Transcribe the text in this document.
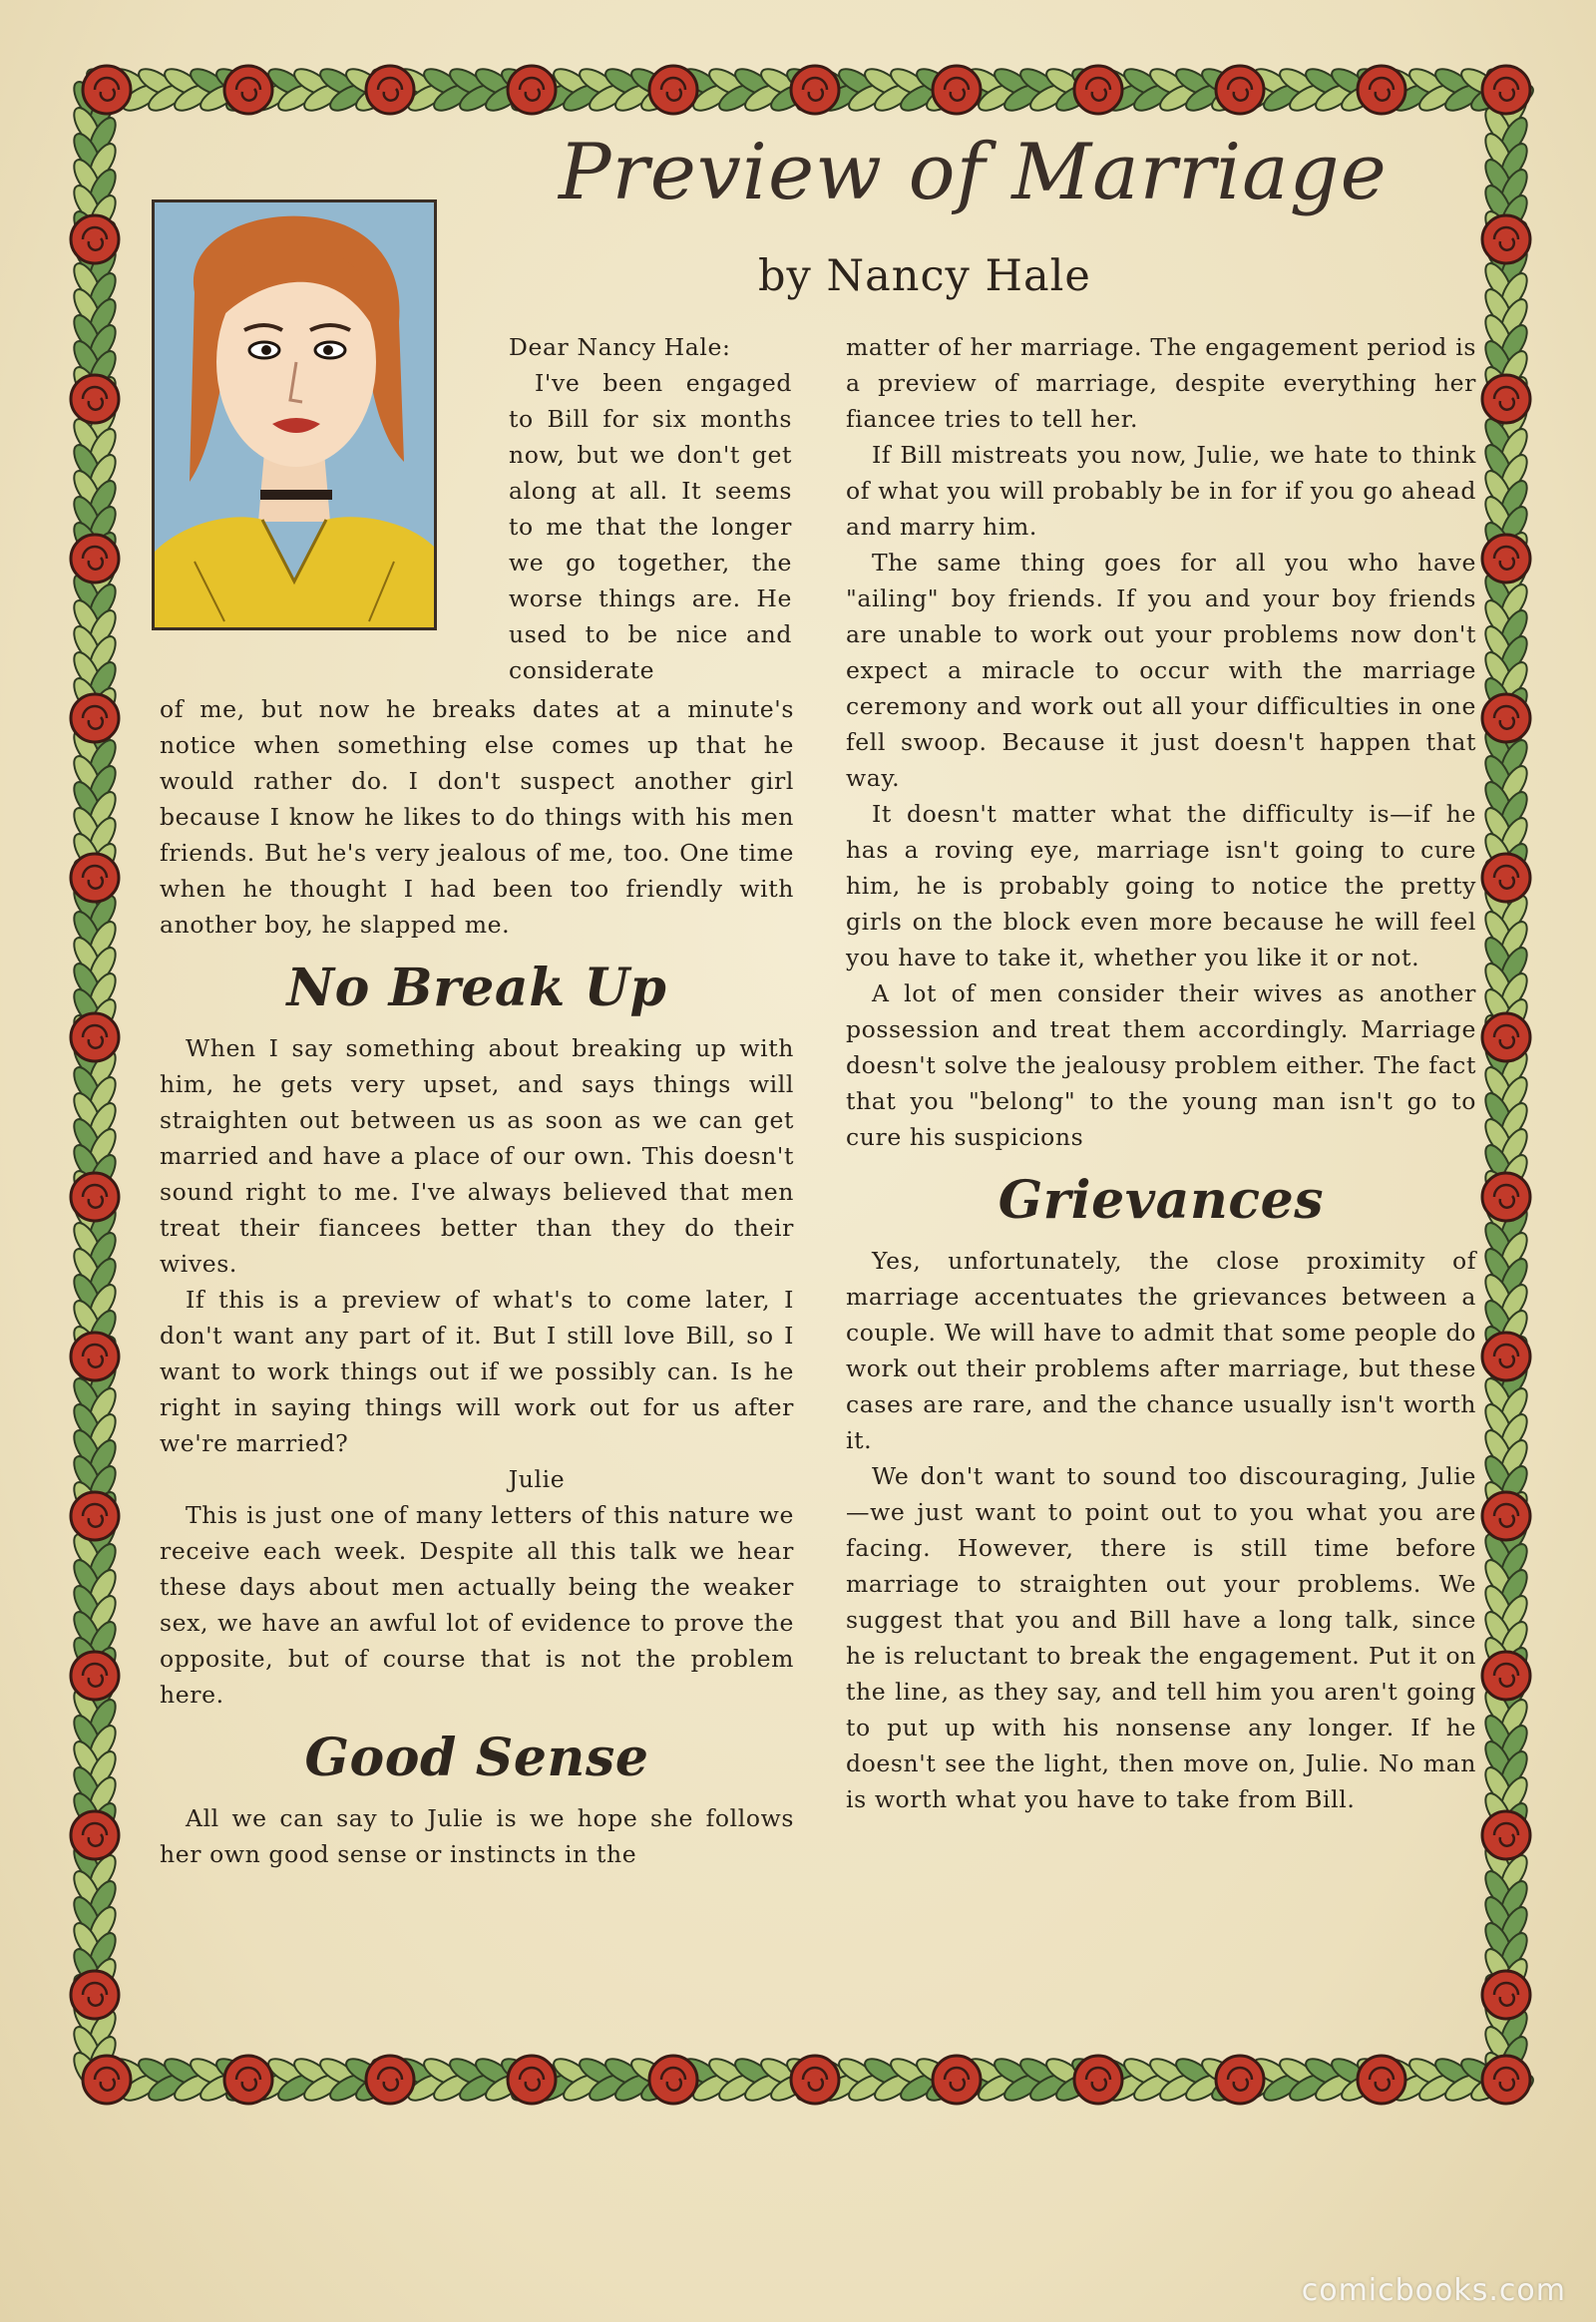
Preview of Marriage
by Nancy Hale

Dear Nancy Hale:

I've been engaged to Bill for six months now, but we don't get along at all. It seems to me that the longer we go together, the worse things are. He used to be nice and considerate

of me, but now he breaks dates at a minute's notice when something else comes up that he would rather do. I don't suspect another girl because I know he likes to do things with his men friends. But he's very jealous of me, too. One time when he thought I had been too friendly with another boy, he slapped me.

No Break Up

When I say something about breaking up with him, he gets very upset, and says things will straighten out between us as soon as we can get married and have a place of our own. This doesn't sound right to me. I've always believed that men treat their fiancees better than they do their wives.

If this is a preview of what's to come later, I don't want any part of it. But I still love Bill, so I want to work things out if we possibly can. Is he right in saying things will work out for us after we're married?

Julie

This is just one of many letters of this nature we receive each week. Despite all this talk we hear these days about men actually being the weaker sex, we have an awful lot of evidence to prove the opposite, but of course that is not the problem here.

Good Sense

All we can say to Julie is we hope she follows her own good sense or instincts in the

matter of her marriage. The engagement period is a preview of marriage, despite everything her fiancee tries to tell her.

If Bill mistreats you now, Julie, we hate to think of what you will probably be in for if you go ahead and marry him.

The same thing goes for all you who have "ailing" boy friends. If you and your boy friends are unable to work out your problems now don't expect a miracle to occur with the marriage ceremony and work out all your difficulties in one fell swoop. Because it just doesn't happen that way.

It doesn't matter what the difficulty is—if he has a roving eye, marriage isn't going to cure him, he is probably going to notice the pretty girls on the block even more because he will feel you have to take it, whether you like it or not.

A lot of men consider their wives as another possession and treat them accordingly. Marriage doesn't solve the jealousy problem either. The fact that you "belong" to the young man isn't go to cure his suspicions

Grievances

Yes, unfortunately, the close proximity of marriage accentuates the grievances between a couple. We will have to admit that some people do work out their problems after marriage, but these cases are rare, and the chance usually isn't worth it.

We don't want to sound too discouraging, Julie—we just want to point out to you what you are facing. However, there is still time before marriage to straighten out your problems. We suggest that you and Bill have a long talk, since he is reluctant to break the engagement. Put it on the line, as they say, and tell him you aren't going to put up with his nonsense any longer. If he doesn't see the light, then move on, Julie. No man is worth what you have to take from Bill.

comicbooks.com
